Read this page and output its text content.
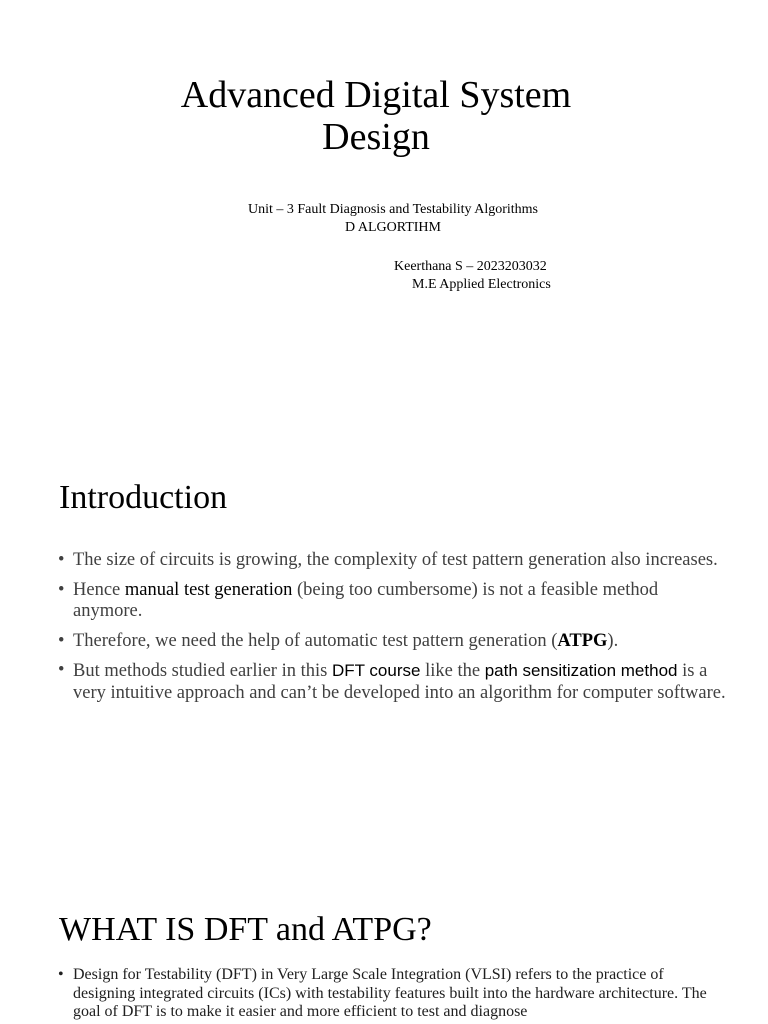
Advanced Digital System
Design
Unit – 3 Fault Diagnosis and Testability Algorithms
D ALGORTIHM
Keerthana S – 2023203032
M.E Applied Electronics
Introduction
• The size of circuits is growing, the complexity of test pattern generation also increases.
• Hence manual test generation (being too cumbersome) is not a feasible method anymore.
• Therefore, we need the help of automatic test pattern generation (ATPG).
• But methods studied earlier in this DFT course like the path sensitization method is a very intuitive approach and can’t be developed into an algorithm for computer software.
WHAT IS DFT and ATPG?
• Design for Testability (DFT) in Very Large Scale Integration (VLSI) refers to the practice of designing integrated circuits (ICs) with testability features built into the hardware architecture. The goal of DFT is to make it easier and more efficient to test and diagnose
